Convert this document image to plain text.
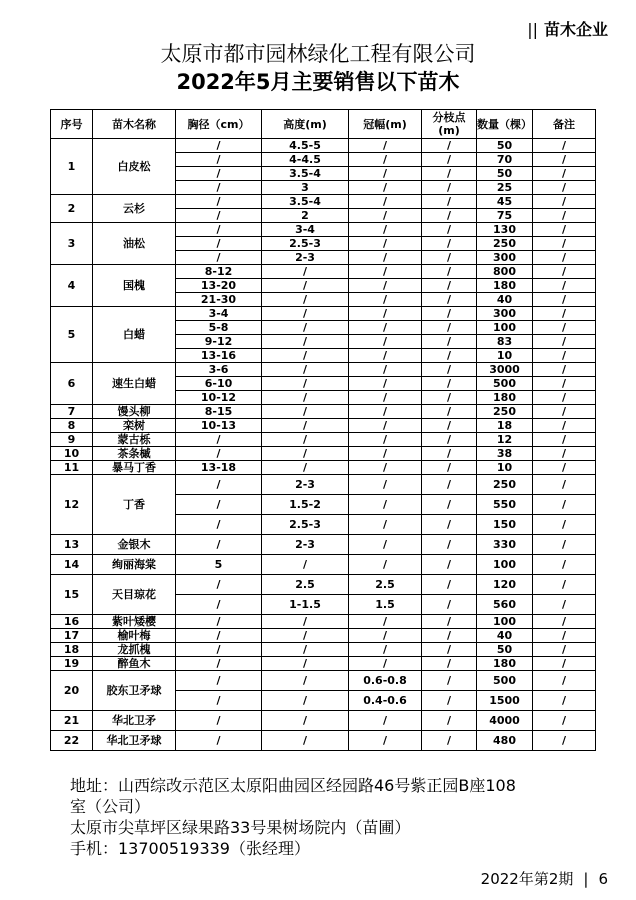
|| 苗木企业
太原市都市园林绿化工程有限公司
2022年5月主要销售以下苗木
序号	苗木名称	胸径（cm）	高度(m)	冠幅(m)	分枝点(m)	数量（棵）	备注
1	白皮松	/	4.5-5	/	/	50	/
		/	4-4.5	/	/	70	/
		/	3.5-4	/	/	50	/
		/	3	/	/	25	/
2	云杉	/	3.5-4	/	/	45	/
		/	2	/	/	75	/
3	油松	/	3-4	/	/	130	/
		/	2.5-3	/	/	250	/
		/	2-3	/	/	300	/
4	国槐	8-12	/	/	/	800	/
		13-20	/	/	/	180	/
		21-30	/	/	/	40	/
5	白蜡	3-4	/	/	/	300	/
		5-8	/	/	/	100	/
		9-12	/	/	/	83	/
		13-16	/	/	/	10	/
6	速生白蜡	3-6	/	/	/	3000	/
		6-10	/	/	/	500	/
		10-12	/	/	/	180	/
7	馒头柳	8-15	/	/	/	250	/
8	栾树	10-13	/	/	/	18	/
9	蒙古栎	/	/	/	/	12	/
10	茶条槭	/	/	/	/	38	/
11	暴马丁香	13-18	/	/	/	10	/
12	丁香	/	2-3	/	/	250	/
		/	1.5-2	/	/	550	/
		/	2.5-3	/	/	150	/
13	金银木	/	2-3	/	/	330	/
14	绚丽海棠	5	/	/	/	100	/
15	天目琼花	/	2.5	2.5	/	120	/
		/	1-1.5	1.5	/	560	/
16	紫叶矮樱	/	/	/	/	100	/
17	榆叶梅	/	/	/	/	40	/
18	龙抓槐	/	/	/	/	50	/
19	醉鱼木	/	/	/	/	180	/
20	胶东卫矛球	/	/	0.6-0.8	/	500	/
		/	/	0.4-0.6	/	1500	/
21	华北卫矛	/	/	/	/	4000	/
22	华北卫矛球	/	/	/	/	480	/
地址：山西综改示范区太原阳曲园区经园路46号紫正园B座108
室（公司）
太原市尖草坪区绿果路33号果树场院内（苗圃）
手机：13700519339（张经理）
2022年第2期 | 6
